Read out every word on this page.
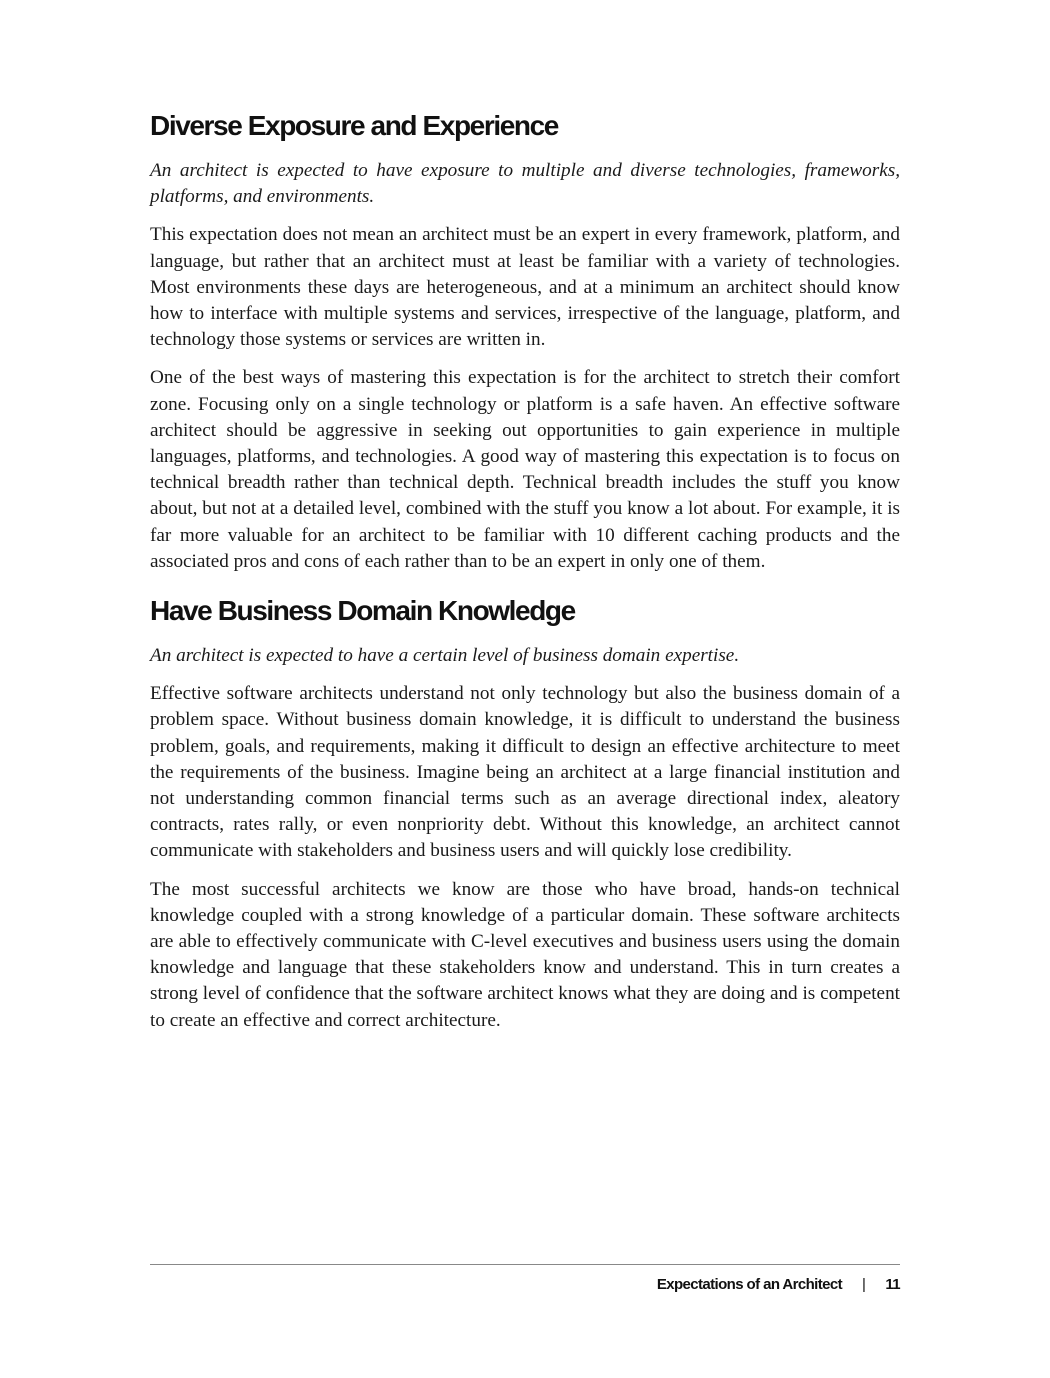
Diverse Exposure and Experience

An architect is expected to have exposure to multiple and diverse technologies, frameworks, platforms, and environments.

This expectation does not mean an architect must be an expert in every framework, platform, and language, but rather that an architect must at least be familiar with a variety of technologies. Most environments these days are heterogeneous, and at a minimum an architect should know how to interface with multiple systems and services, irrespective of the language, platform, and technology those systems or services are written in.

One of the best ways of mastering this expectation is for the architect to stretch their comfort zone. Focusing only on a single technology or platform is a safe haven. An effective software architect should be aggressive in seeking out opportunities to gain experience in multiple languages, platforms, and technologies. A good way of mastering this expectation is to focus on technical breadth rather than technical depth. Technical breadth includes the stuff you know about, but not at a detailed level, combined with the stuff you know a lot about. For example, it is far more valuable for an architect to be familiar with 10 different caching products and the associated pros and cons of each rather than to be an expert in only one of them.

Have Business Domain Knowledge

An architect is expected to have a certain level of business domain expertise.

Effective software architects understand not only technology but also the business domain of a problem space. Without business domain knowledge, it is difficult to understand the business problem, goals, and requirements, making it difficult to design an effective architecture to meet the requirements of the business. Imagine being an architect at a large financial institution and not understanding common financial terms such as an average directional index, aleatory contracts, rates rally, or even nonpriority debt. Without this knowledge, an architect cannot communicate with stakeholders and business users and will quickly lose credibility.

The most successful architects we know are those who have broad, hands-on technical knowledge coupled with a strong knowledge of a particular domain. These software architects are able to effectively communicate with C-level executives and business users using the domain knowledge and language that these stakeholders know and understand. This in turn creates a strong level of confidence that the software architect knows what they are doing and is competent to create an effective and correct architecture.

Expectations of an Architect | 11
